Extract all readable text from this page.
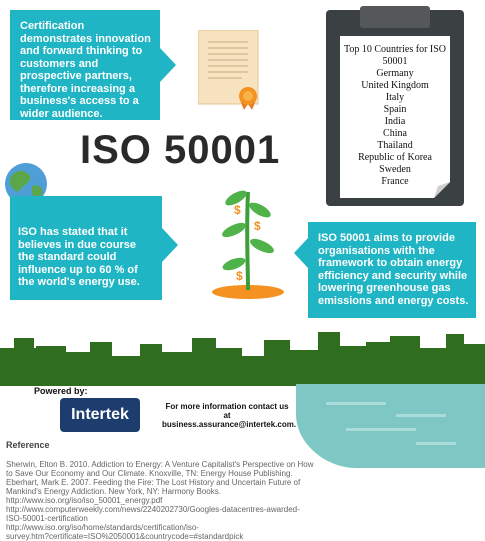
Certification demonstrates innovation and forward thinking to customers and prospective partners, therefore increasing a business's access to a wider audience.
Top 10 Countries for ISO 50001
Germany
United Kingdom
Italy
Spain
India
China
Thailand
Republic of Korea
Sweden
France
ISO 50001
ISO has stated that it believes in due course the standard could influence up to 60 % of the world's energy use.
$
$
$
ISO 50001 aims to provide organisations with the framework to obtain energy efficiency and security while lowering greenhouse gas emissions and energy costs.
Powered by:
Intertek	For more information contact us at
business.assurance@intertek.com.
Reference
Sherwin, Elton B. 2010. Addiction to Energy: A Venture Capitalist's Perspective on How
to Save Our Economy and Our Climate. Knoxville, TN: Energy House Publishing.
Eberhart, Mark E. 2007. Feeding the Fire: The Lost History and Uncertain Future of
Mankind's Energy Addiction. New York, NY: Harmony Books.
http://www.iso.org/iso/iso_50001_energy.pdf
http://www.computerweekly.com/news/2240202730/Googles-datacentres-awarded-
ISO-50001-certification
http://www.iso.org/iso/home/standards/certification/iso-
survey.htm?certificate=ISO%2050001&countrycode=#standardpick
